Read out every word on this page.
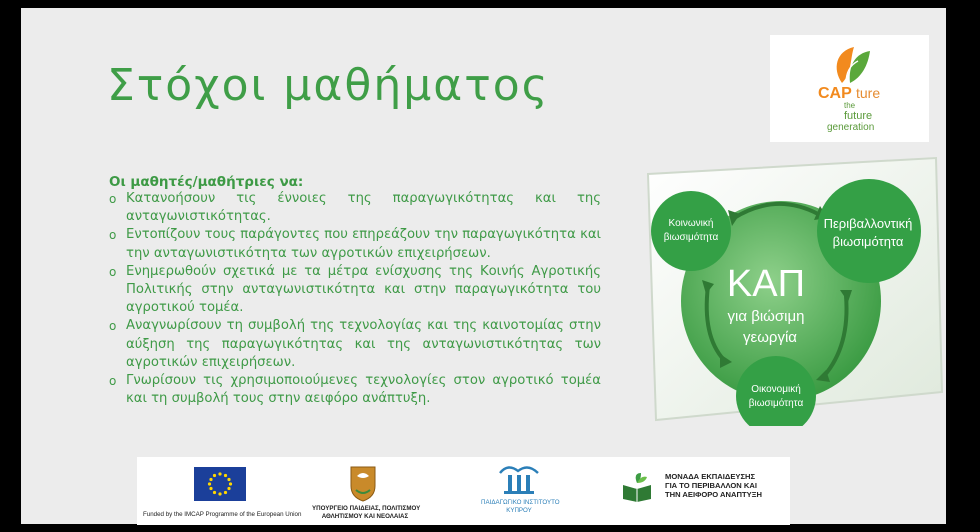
Στόχοι μαθήματος	CAP ture
the
future
generation
Οι μαθητές/μαθήτριες να:
o Κατανοήσουν τις έννοιες της παραγωγικότητας και της ανταγωνιστικότητας.
o Εντοπίζουν τους παράγοντες που επηρεάζουν την παραγωγικότητα και την ανταγωνιστικότητα των αγροτικών επιχειρήσεων.
o Ενημερωθούν σχετικά με τα μέτρα ενίσχυσης της Κοινής Αγροτικής Πολιτικής στην ανταγωνιστικότητα και στην παραγωγικότητα του αγροτικού τομέα.
o Αναγνωρίσουν τη συμβολή της τεχνολογίας και της καινοτομίας στην αύξηση της παραγωγικότητας και της ανταγωνιστικότητας των αγροτικών επιχειρήσεων.
o Γνωρίσουν τις χρησιμοποιούμενες τεχνολογίες στον αγροτικό τομέα και τη συμβολή τους στην αειφόρο ανάπτυξη.
Κοινωνική
βιωσιμότητα
Περιβαλλοντική
βιωσιμότητα
ΚΑΠ
για βιώσιμη
γεωργία
Οικονομική
βιωσιμότητα
Funded by the IMCAP Programme of the European Union
ΥΠΟΥΡΓΕΙΟ ΠΑΙΔΕΙΑΣ, ΠΟΛΙΤΙΣΜΟΥ
ΑΘΛΗΤΙΣΜΟΥ ΚΑΙ ΝΕΟΛΑΙΑΣ
ΠΑΙΔΑΓΩΓΙΚΟ ΙΝΣΤΙΤΟΥΤΟ
ΚΥΠΡΟΥ
ΜΟΝΑΔΑ ΕΚΠΑΙΔΕΥΣΗΣ
ΓΙΑ ΤΟ ΠΕΡΙΒΑΛΛΟΝ ΚΑΙ
ΤΗΝ ΑΕΙΦΟΡΟ ΑΝΑΠΤΥΞΗ
